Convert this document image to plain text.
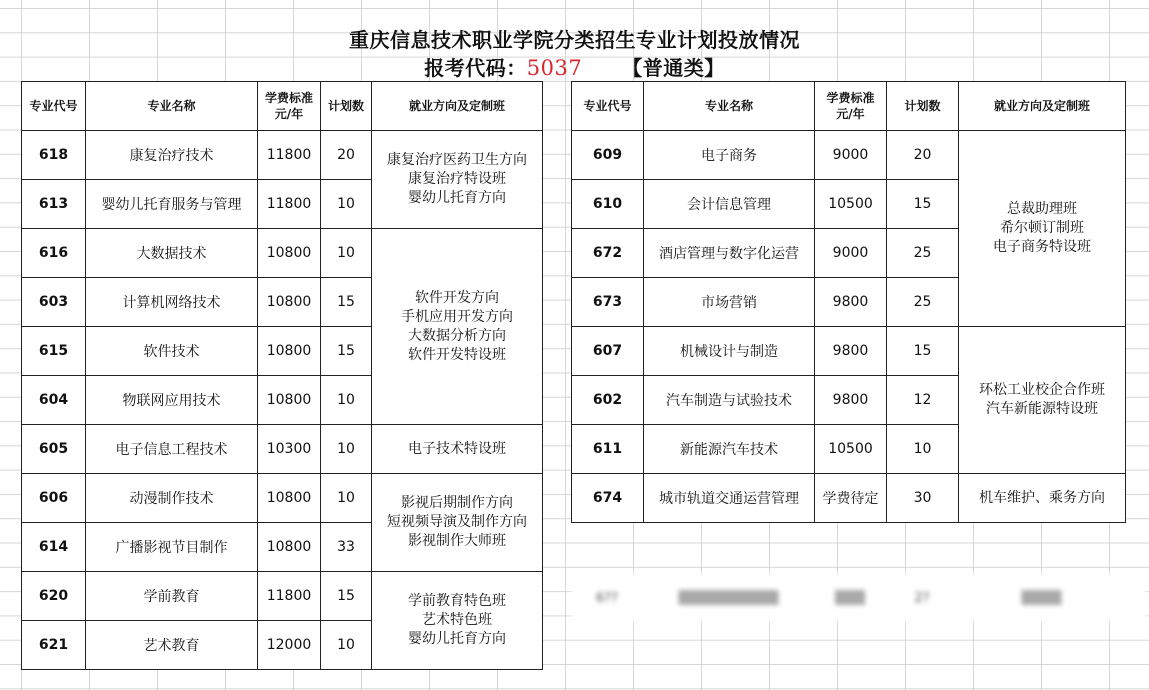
重庆信息技术职业学院分类招生专业计划投放情况
报考代码：5037 【普通类】
专业代号	专业名称	学费标准
元/年	计划数	就业方向及定制班
618	康复治疗技术	11800	20	康复治疗医药卫生方向
康复治疗特设班
婴幼儿托育方向

613	婴幼儿托育服务与管理	11800	10	
616	大数据技术	10800	10	软件开发方向
手机应用开发方向
大数据分析方向
软件开发特设班

603	计算机网络技术	10800	15	
615	软件技术	10800	15	
604	物联网应用技术	10800	10	
605	电子信息工程技术	10300	10	电子技术特设班

606	动漫制作技术	10800	10	影视后期制作方向
短视频导演及制作方向
影视制作大师班

614	广播影视节目制作	10800	33	
620	学前教育	11800	15	学前教育特色班
艺术特色班
婴幼儿托育方向

621	艺术教育	12000	10	
专业代号	专业名称	学费标准
元/年	计划数	就业方向及定制班
609	电子商务	9000	20	总裁助理班
希尔顿订制班
电子商务特设班

610	会计信息管理	10500	15	
672	酒店管理与数字化运营	9000	25	
673	市场营销	9800	25	
607	机械设计与制造	9800	15	环松工业校企合作班
汽车新能源特设班

602	汽车制造与试验技术	9800	12	
611	新能源汽车技术	10500	10	
674	城市轨道交通运营管理	学费待定	30	机车维护、乘务方向
6??	▒▒▒▒▒▒▒▒▒▒	▒▒▒	2?	▒▒▒▒
